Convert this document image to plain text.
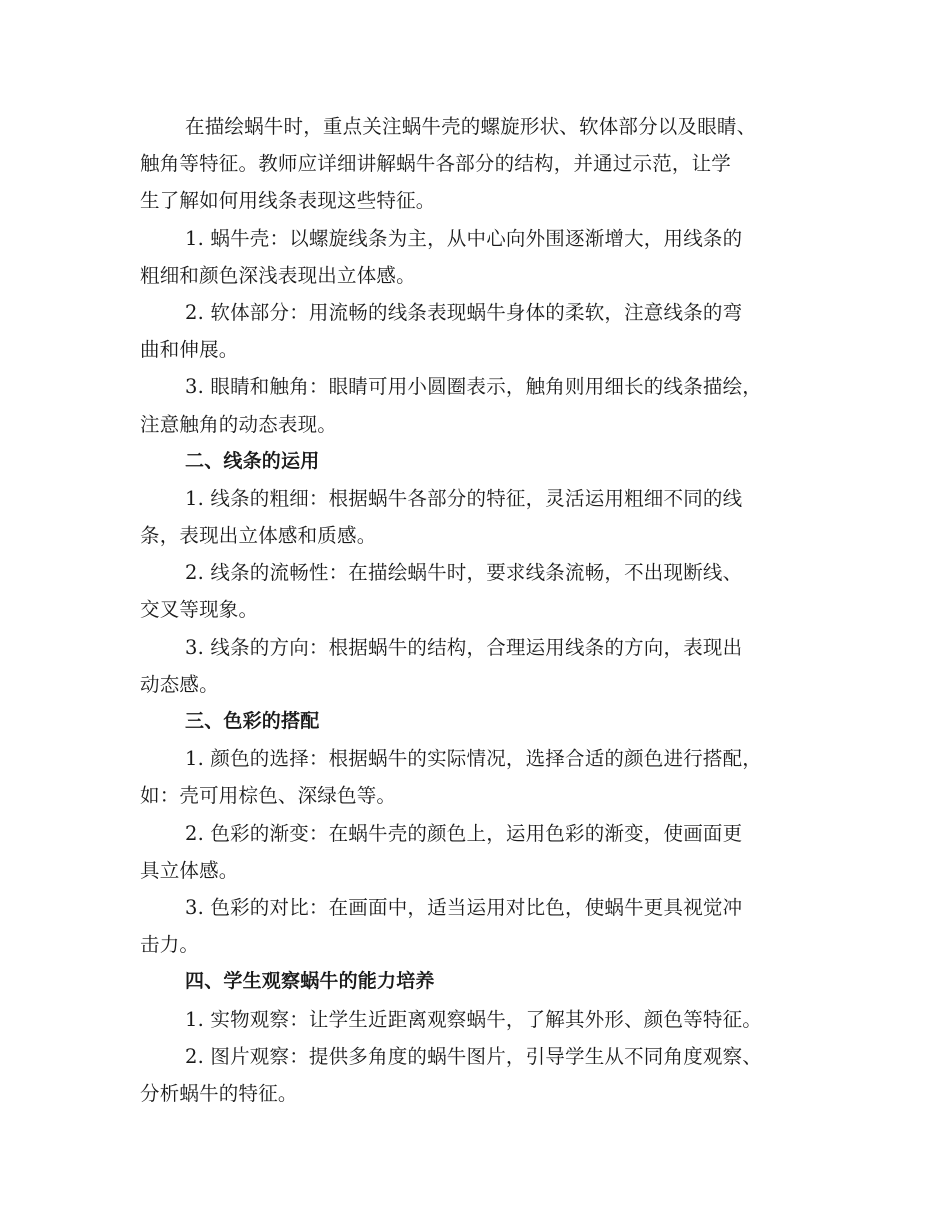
在描绘蜗牛时，重点关注蜗牛壳的螺旋形状、软体部分以及眼睛、
触角等特征。教师应详细讲解蜗牛各部分的结构，并通过示范，让学
生了解如何用线条表现这些特征。
1. 蜗牛壳：以螺旋线条为主，从中心向外围逐渐增大，用线条的
粗细和颜色深浅表现出立体感。
2. 软体部分：用流畅的线条表现蜗牛身体的柔软，注意线条的弯
曲和伸展。
3. 眼睛和触角：眼睛可用小圆圈表示，触角则用细长的线条描绘，
注意触角的动态表现。
二、线条的运用
1. 线条的粗细：根据蜗牛各部分的特征，灵活运用粗细不同的线
条，表现出立体感和质感。
2. 线条的流畅性：在描绘蜗牛时，要求线条流畅，不出现断线、
交叉等现象。
3. 线条的方向：根据蜗牛的结构，合理运用线条的方向，表现出
动态感。
三、色彩的搭配
1. 颜色的选择：根据蜗牛的实际情况，选择合适的颜色进行搭配，
如：壳可用棕色、深绿色等。
2. 色彩的渐变：在蜗牛壳的颜色上，运用色彩的渐变，使画面更
具立体感。
3. 色彩的对比：在画面中，适当运用对比色，使蜗牛更具视觉冲
击力。
四、学生观察蜗牛的能力培养
1. 实物观察：让学生近距离观察蜗牛，了解其外形、颜色等特征。
2. 图片观察：提供多角度的蜗牛图片，引导学生从不同角度观察、
分析蜗牛的特征。
